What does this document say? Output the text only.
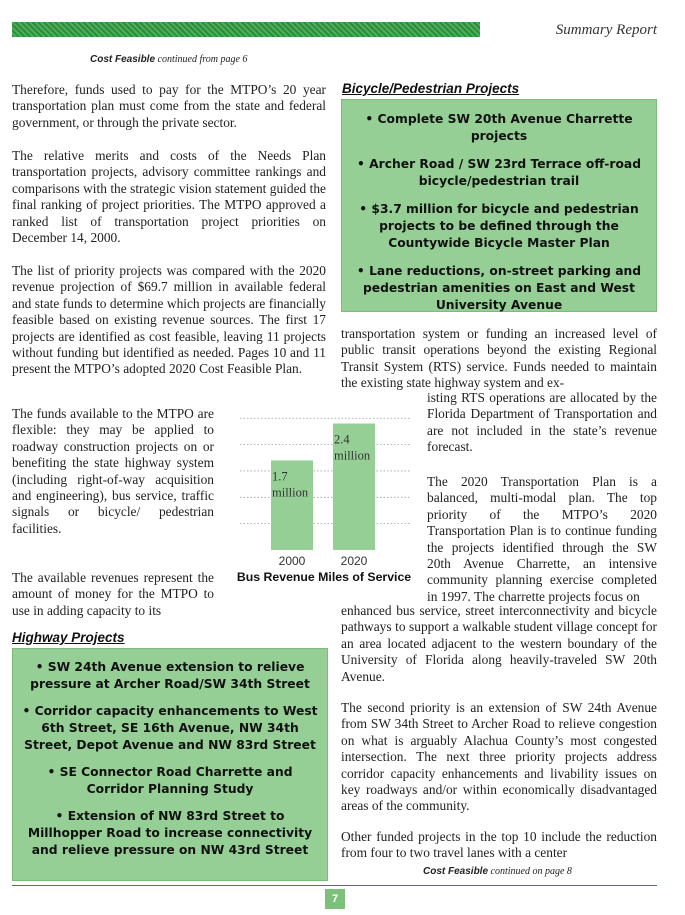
Summary Report
Cost Feasible continued from page 6

Therefore, funds used to pay for the MTPO’s 20 year transportation plan must come from the state and federal government, or through the private sector.

The relative merits and costs of the Needs Plan transportation projects, advisory committee rankings and comparisons with the strategic vision statement guided the final ranking of project priorities. The MTPO approved a ranked list of transportation project priorities on December 14, 2000.

The list of priority projects was compared with the 2020 revenue projection of $69.7 million in available federal and state funds to determine which projects are financially feasible based on existing revenue sources. The first 17 projects are identified as cost feasible, leaving 11 projects without funding but identified as needed. Pages 10 and 11 present the MTPO’s adopted 2020 Cost Feasible Plan.

The funds available to the MTPO are flexible: they may be applied to roadway construction projects on or benefiting the state highway system (including right-of-way acquisition and engineering), bus service, traffic signals or bicycle/ pedestrian facilities.

The available revenues represent the amount of money for the MTPO to use in adding capacity to its

Bicycle/Pedestrian Projects
• Complete SW 20th Avenue Charrette projects
• Archer Road / SW 23rd Terrace off-road bicycle/pedestrian trail
• $3.7 million for bicycle and pedestrian projects to be defined through the Countywide Bicycle Master Plan
• Lane reductions, on-street parking and pedestrian amenities on East and West University Avenue

transportation system or funding an increased level of public transit operations beyond the existing Regional Transit System (RTS) service. Funds needed to maintain the existing state highway system and ex-

isting RTS operations are allocated by the Florida Department of Transportation and are not included in the state’s revenue forecast.

The 2020 Transportation Plan is a balanced, multi-modal plan. The top priority of the MTPO’s 2020 Transportation Plan is to continue funding the projects identified through the SW 20th Avenue Charrette, an intensive community planning exercise completed in 1997. The charrette projects focus on

enhanced bus service, street interconnectivity and bicycle pathways to support a walkable student village concept for an area located adjacent to the western boundary of the University of Florida along heavily-traveled SW 20th Avenue.

The second priority is an extension of SW 24th Avenue from SW 34th Street to Archer Road to relieve congestion on what is arguably Alachua County’s most congested intersection. The next three priority projects address corridor capacity enhancements and livability issues on key roadways and/or within economically disadvantaged areas of the community.

Other funded projects in the top 10 include the reduction from four to two travel lanes with a center

1.7 million
2000
2.4 million
2020
Bus Revenue Miles of Service
Highway Projects
• SW 24th Avenue extension to relieve pressure at Archer Road/SW 34th Street
• Corridor capacity enhancements to West 6th Street, SE 16th Avenue, NW 34th Street, Depot Avenue and NW 83rd Street
• SE Connector Road Charrette and Corridor Planning Study
• Extension of NW 83rd Street to Millhopper Road to increase connectivity and relieve pressure on NW 43rd Street
Cost Feasible continued on page 8
7
